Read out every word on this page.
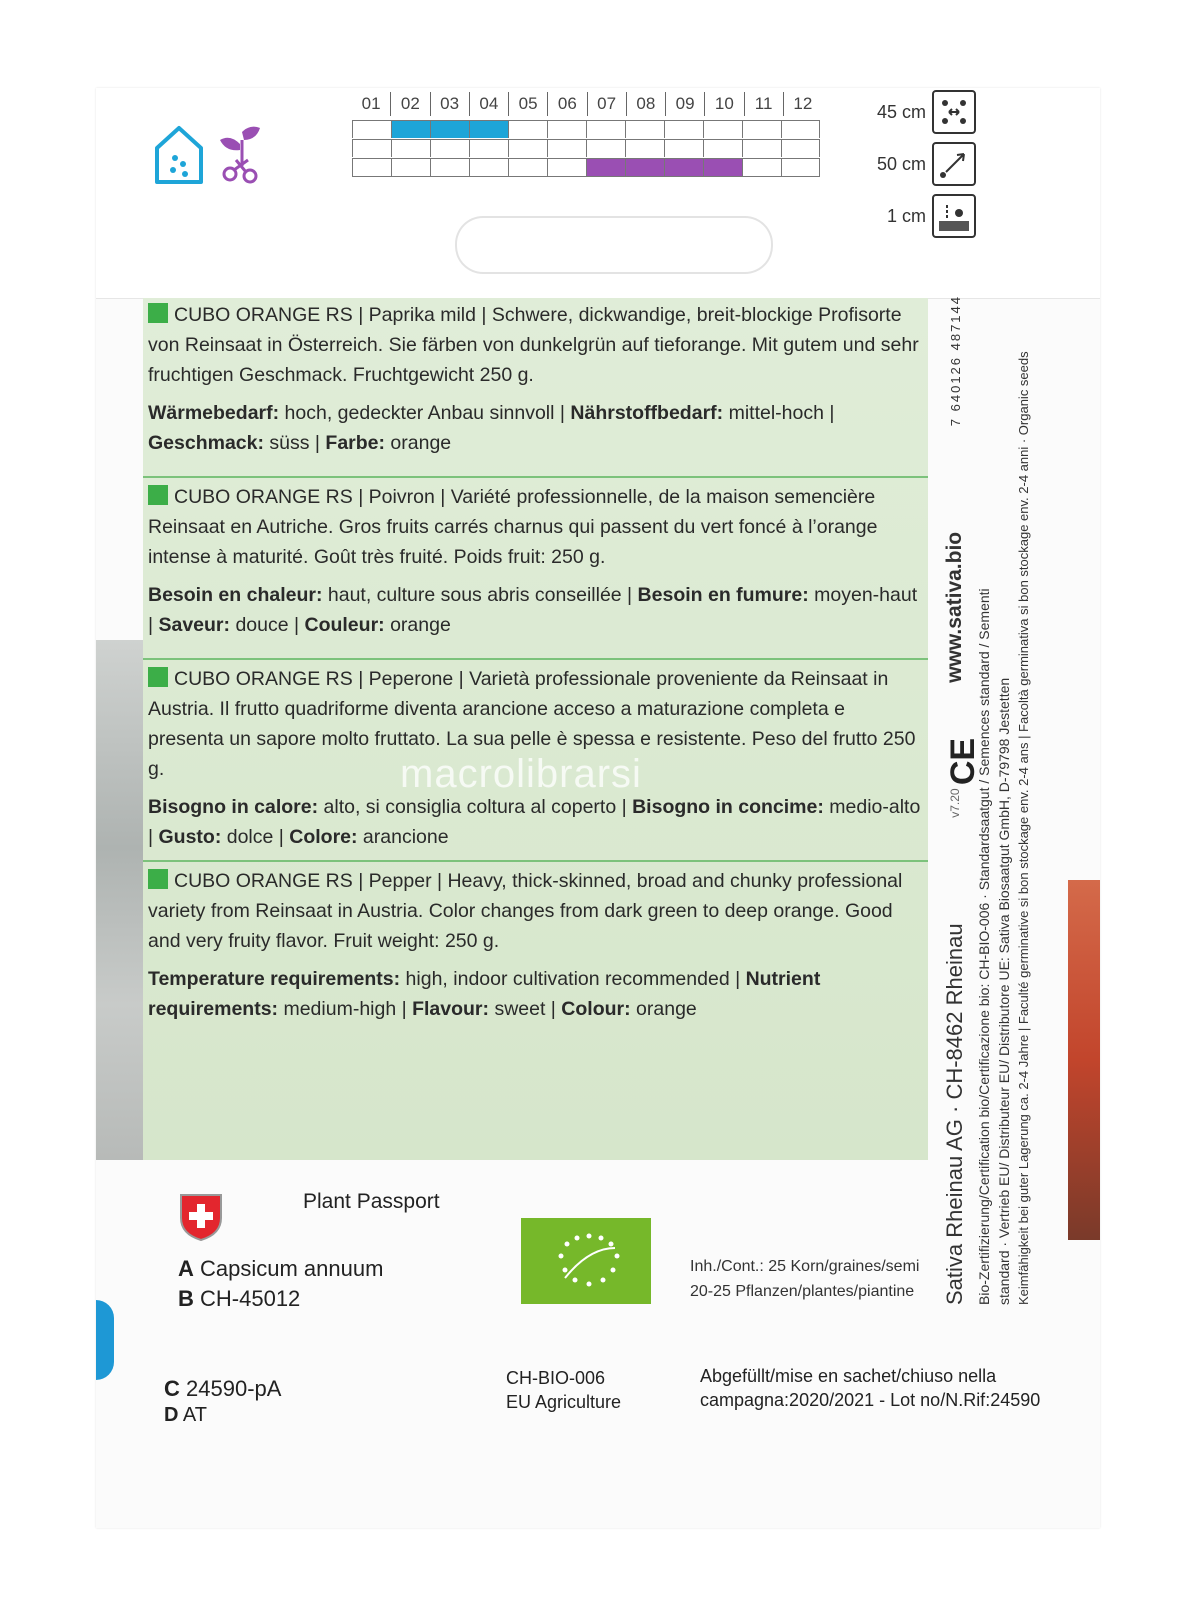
01	02	03	04	05	06	07	08	09	10	11	12	45 cm
50 cm
1 cm
CUBO ORANGE RS | Paprika mild | Schwere, dickwandige, breit-blockige Profisorte von Reinsaat in Österreich. Sie färben von dunkelgrün auf tieforange. Mit gutem und sehr fruchtigen Geschmack. Fruchtgewicht 250 g.
Wärmebedarf: hoch, gedeckter Anbau sinnvoll | Nährstoffbedarf: mittel-hoch | Geschmack: süss | Farbe: orange
CUBO ORANGE RS | Poivron | Variété professionnelle, de la maison semencière Reinsaat en Autriche. Gros fruits carrés charnus qui passent du vert foncé à l’orange intense à maturité. Goût très fruité. Poids fruit: 250 g.
Besoin en chaleur: haut, culture sous abris conseillée | Besoin en fumure: moyen-haut | Saveur: douce | Couleur: orange
CUBO ORANGE RS | Peperone | Varietà professionale proveniente da Reinsaat in Austria. Il frutto quadriforme diventa arancione acceso a maturazione completa e presenta un sapore molto fruttato. La sua pelle è spessa e resistente. Peso del frutto 250 g.
Bisogno in calore: alto, si consiglia coltura al coperto | Bisogno in concime: medio-alto | Gusto: dolce | Colore: arancione
CUBO ORANGE RS | Pepper | Heavy, thick-skinned, broad and chunky professional variety from Reinsaat in Austria. Color changes from dark green to deep orange. Good and very fruity flavor. Fruit weight: 250 g.
Temperature requirements: high, indoor cultivation recommended | Nutrient requirements: medium-high | Flavour: sweet | Colour: orange
macrolibrarsi
Sativa Rheinau AG · CH-8462 Rheinau
v7.20
www.sativa.bio
7 640126 487144
Bio-Zertifizierung/Certification bio/Certificazione bio: CH-BIO-006 · Standardsaatgut / Semences standard / Sementi standard · Vertrieb EU/ Distributeur EU/ Distributore UE: Sativa Biosaatgut GmbH, D-79798 Jestetten Keimfähigkeit bei guter Lagerung ca. 2-4 Jahre | Faculté germinative si bon stockage env. 2-4 ans | Facoltà germinativa si bon stockage env. 2-4 anni · Organic seeds
CE
Plant Passport
A Capsicum annuum
B CH-45012
C 24590-pA
D AT
Inh./Cont.: 25 Korn/graines/semi
20-25 Pflanzen/plantes/piantine
CH-BIO-006
EU Agriculture
Abgefüllt/mise en sachet/chiuso nella
campagna:2020/2021 - Lot no/N.Rif:24590
